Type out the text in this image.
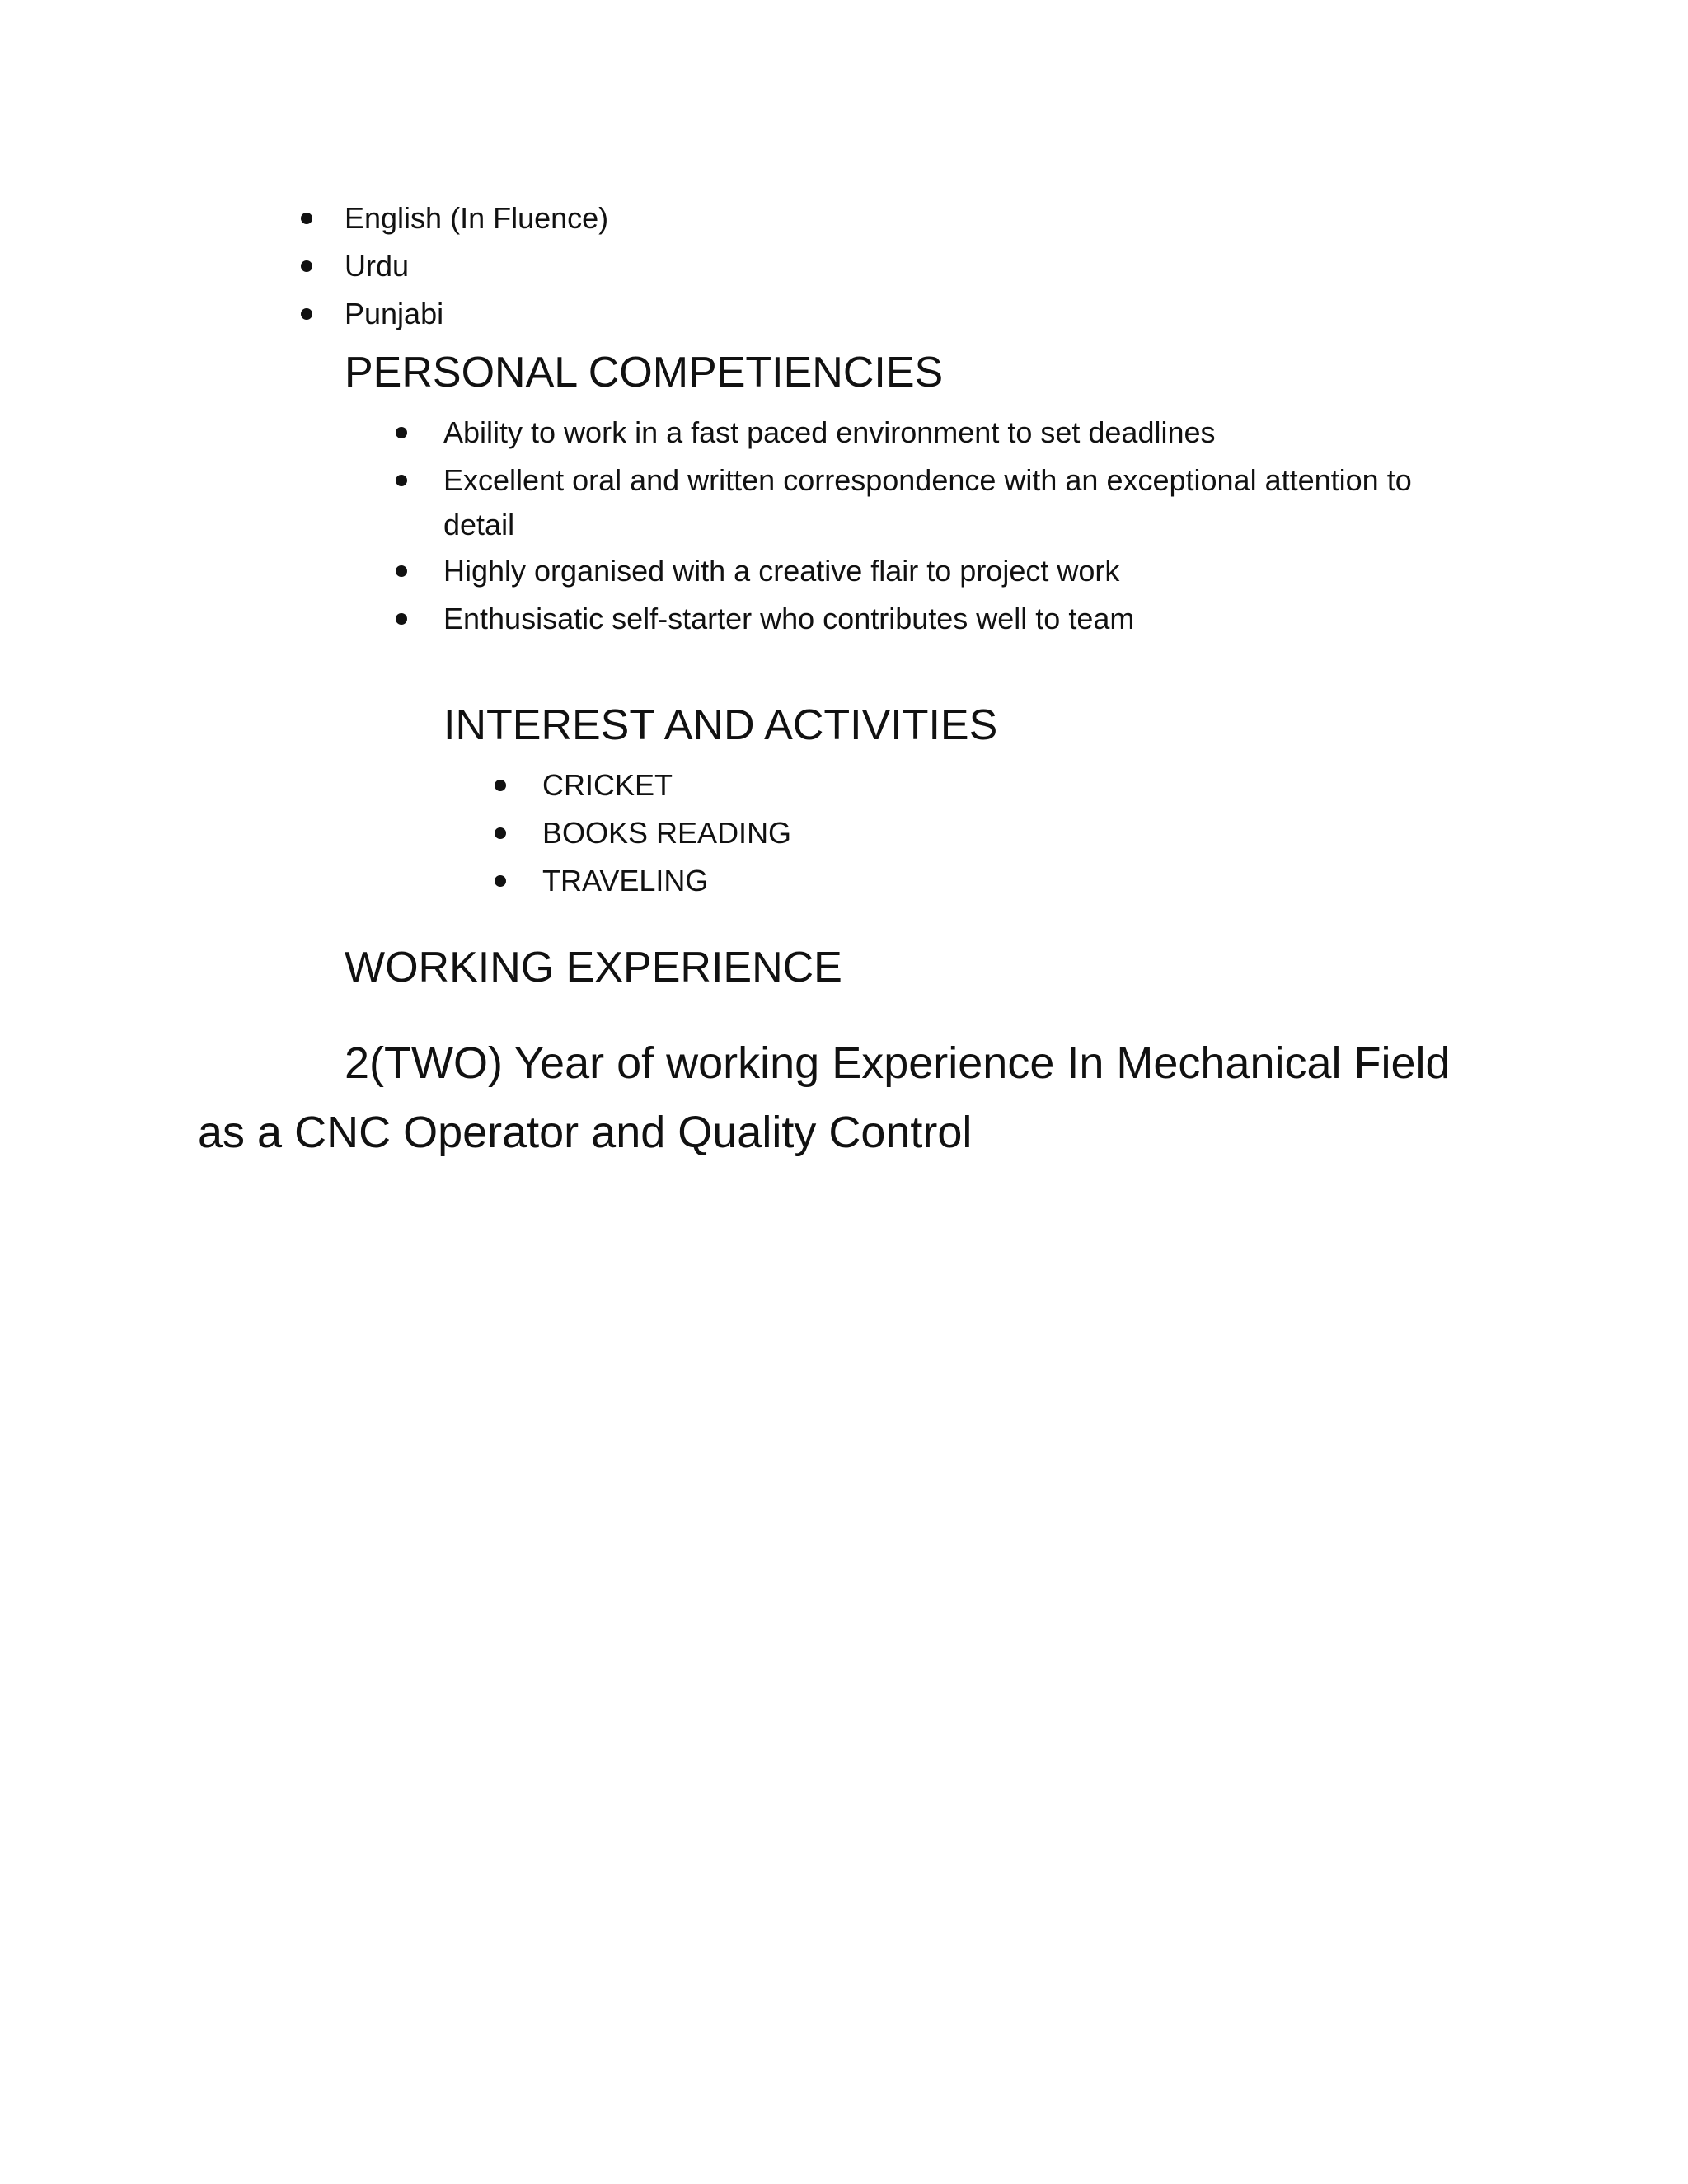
English (In Fluence)
Urdu
Punjabi
PERSONAL COMPETIENCIES
Ability to work in a fast paced environment to set deadlines
Excellent oral and written correspondence with an exceptional attention to detail
Highly organised with a creative flair to project work
Enthusisatic self-starter who contributes well to team
INTEREST AND ACTIVITIES
CRICKET
BOOKS READING
TRAVELING
WORKING EXPERIENCE

2(TWO) Year of working Experience In Mechanical Field

as a CNC Operator and Quality Control
